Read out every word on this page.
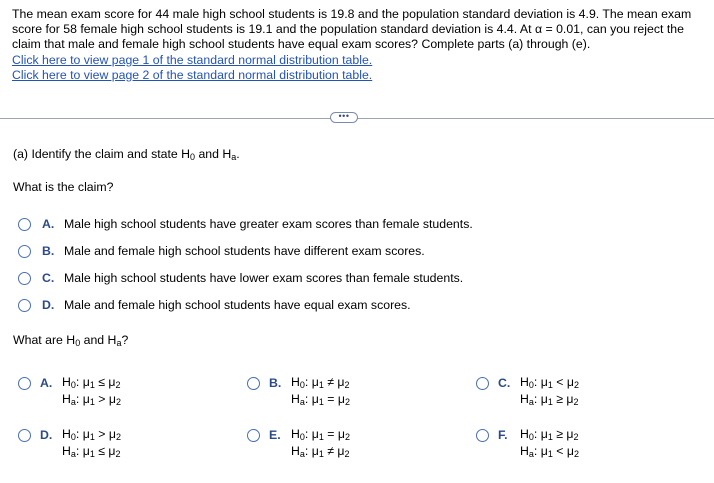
The mean exam score for 44 male high school students is 19.8 and the population standard deviation is 4.9. The mean exam score for 58 female high school students is 19.1 and the population standard deviation is 4.4. At α = 0.01, can you reject the claim that male and female high school students have equal exam scores? Complete parts (a) through (e).
Click here to view page 1 of the standard normal distribution table.
Click here to view page 2 of the standard normal distribution table.
•••
(a) Identify the claim and state $H_0$ and $H_a$.
What is the claim?
A. Male high school students have greater exam scores than female students.
B. Male and female high school students have different exam scores.
C. Male high school students have lower exam scores than female students.
D. Male and female high school students have equal exam scores.
What are $H_0$ and $H_a$?
A. $H_0$: $\mu_1 \le \mu_2$
$H_a$: $\mu_1 > \mu_2$
B. $H_0$: $\mu_1 \ne \mu_2$
$H_a$: $\mu_1 = \mu_2$
C. $H_0$: $\mu_1 < \mu_2$
$H_a$: $\mu_1 \ge \mu_2$
D. $H_0$: $\mu_1 > \mu_2$
$H_a$: $\mu_1 \le \mu_2$
E. $H_0$: $\mu_1 = \mu_2$
$H_a$: $\mu_1 \ne \mu_2$
F.	$H_0$: $\mu_1 \ge \mu_2$
$H_a$: $\mu_1 < \mu_2$
